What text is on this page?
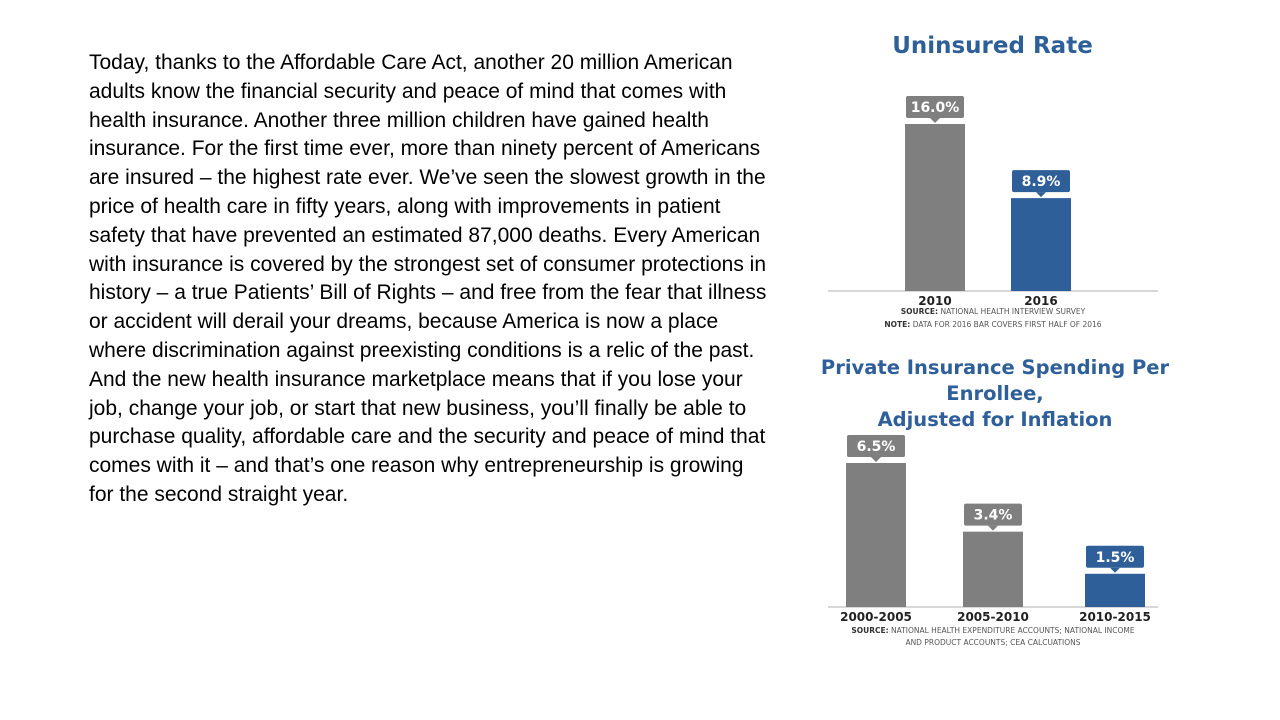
Today, thanks to the Affordable Care Act, another 20 million American adults know the financial security and peace of mind that comes with health insurance. Another three million children have gained health insurance. For the first time ever, more than ninety percent of Americans are insured – the highest rate ever. We’ve seen the slowest growth in the price of health care in fifty years, along with improvements in patient safety that have prevented an estimated 87,000 deaths. Every American with insurance is covered by the strongest set of consumer protections in history – a true Patients’ Bill of Rights – and free from the fear that illness or accident will derail your dreams, because America is now a place where discrimination against preexisting conditions is a relic of the past. And the new health insurance marketplace means that if you lose your job, change your job, or start that new business, you’ll finally be able to purchase quality, affordable care and the security and peace of mind that comes with it – and that’s one reason why entrepreneurship is growing for the second straight year.

Uninsured Rate
Private Insurance Spending Per Enrollee,
Adjusted for Inflation
16.0%
2010
8.9%
2016
6.5%
2000-2005
3.4%
2005-2010
1.5%
2010-2015
SOURCE: NATIONAL HEALTH INTERVIEW SURVEY
NOTE: DATA FOR 2016 BAR COVERS FIRST HALF OF 2016
SOURCE: NATIONAL HEALTH EXPENDITURE ACCOUNTS; NATIONAL INCOME
AND PRODUCT ACCOUNTS; CEA CALCUATIONS
